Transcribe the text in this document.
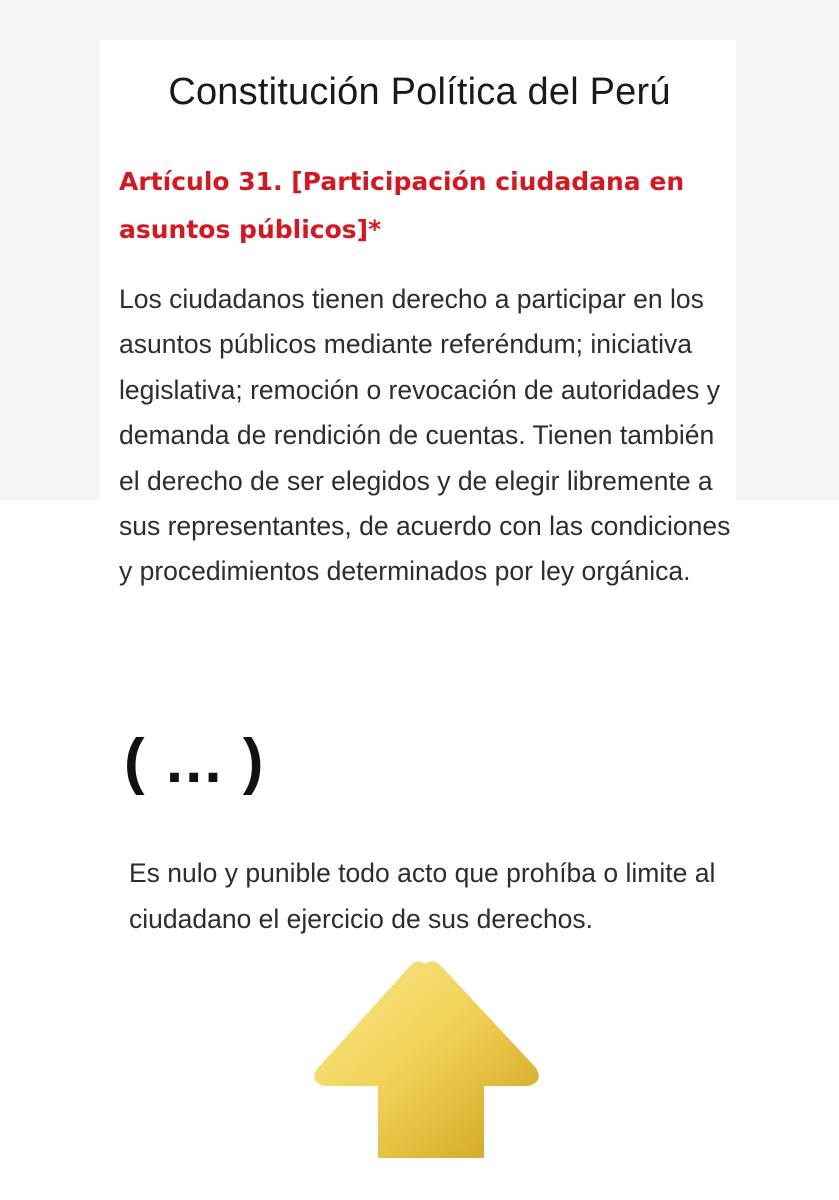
Constitución Política del Perú
Artículo 31. [Participación ciudadana en asuntos públicos]*

Los ciudadanos tienen derecho a participar en los asuntos públicos mediante referéndum; iniciativa legislativa; remoción o revocación de autoridades y demanda de rendición de cuentas. Tienen también el derecho de ser elegidos y de elegir libremente a sus representantes, de acuerdo con las condiciones y procedimientos determinados por ley orgánica.

( ... )

Es nulo y punible todo acto que prohíba o limite al ciudadano el ejercicio de sus derechos.
